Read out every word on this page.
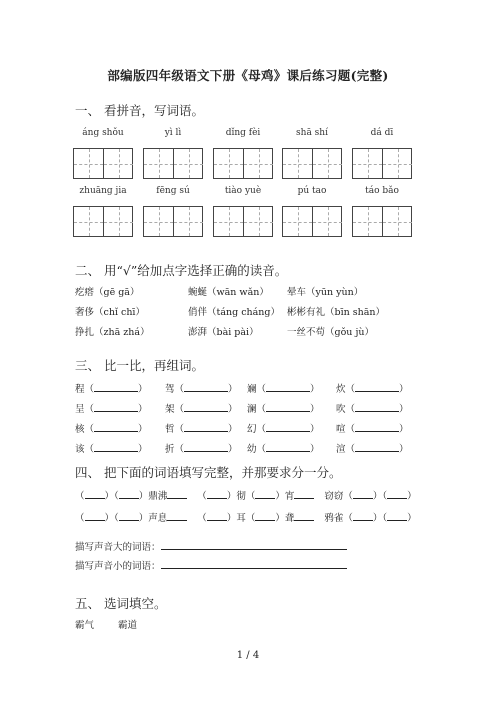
部编版四年级语文下册《母鸡》课后练习题(完整)
一、 看拼音，写词语。
áng shǒu	yì lì	dǐng fèi	shā shí	dá dī
zhuāng jia	fēng sú	tiào yuè	pú tao	táo bǎo
二、 用“√”给加点字选择正确的读音。
疙瘩（gē gā）	蜿蜒（wān wǎn） 晕车（yūn yùn）
奢侈（chǐ chī）	俏伴（táng cháng） 彬彬有礼（bīn shān）
挣扎（zhā zhá）	澎湃（bài pài）	一丝不苟（gǒu jù）
三、 比一比，再组词。
程（	） 驾（	） 斓（	） 炊（	）
呈（	） 架（	） 澜（	） 吹（	）
核（	） 哲（	） 幻（	） 喧（	）
该（	） 折（	） 幼（	） 渲（	）
四、 把下面的词语填写完整，并那要求分一分。
（ ）（ ）鼎沸	（ ）彻（ ）宵	窃窃（ ）（ ）
（ ）（ ）声息	（ ）耳（ ）聋	鸦雀（ ）（ ）
描写声音大的词语：
描写声音小的词语：
五、 选词填空。
霸气	霸道
1 / 4
